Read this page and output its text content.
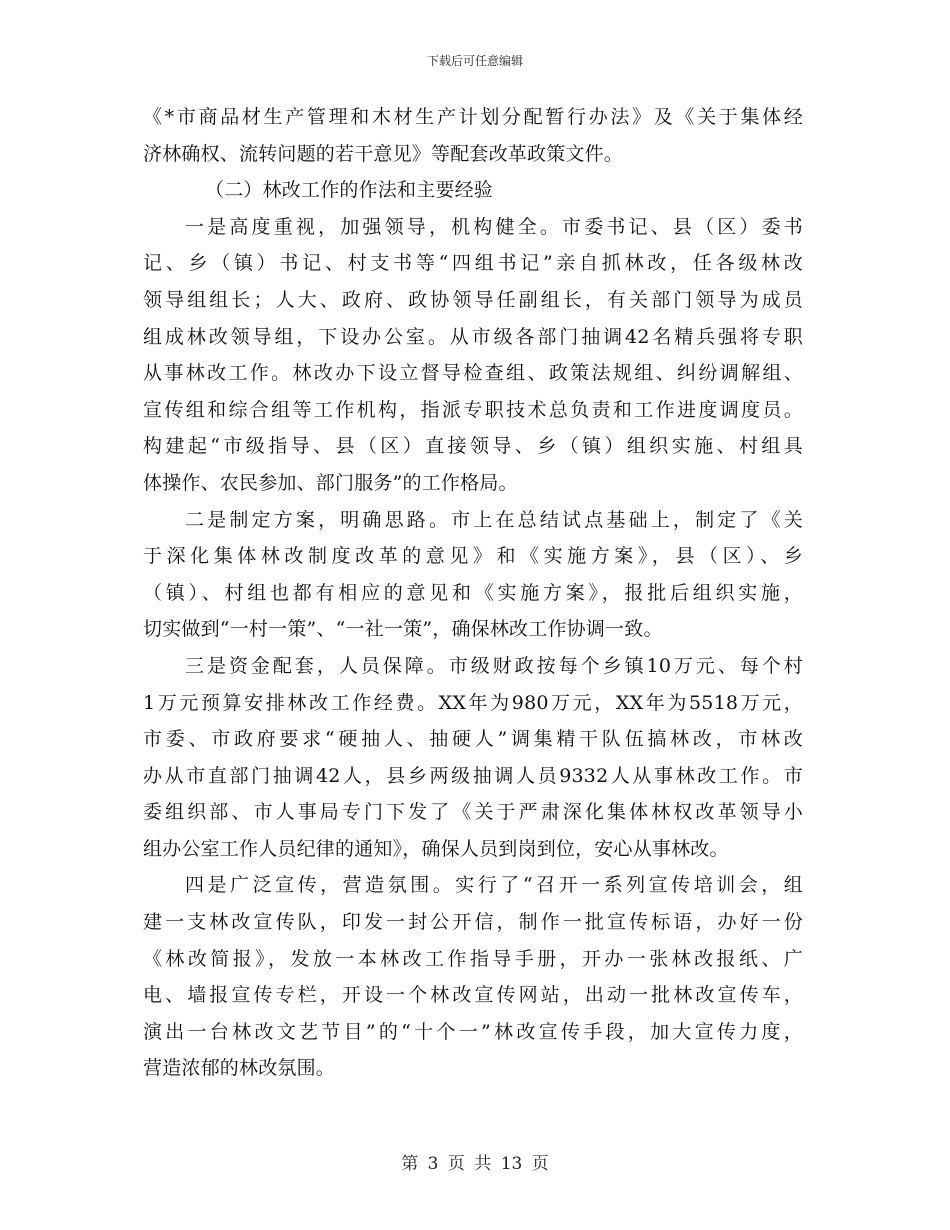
下载后可任意编辑
《*市商品材生产管理和木材生产计划分配暂行办法》及《关于集体经
济林确权、流转问题的若干意见》等配套改革政策文件。
（二）林改工作的作法和主要经验
一是高度重视，加强领导，机构健全。市委书记、县（区）委书
记、乡（镇）书记、村支书等“四组书记”亲自抓林改，任各级林改
领导组组长；人大、政府、政协领导任副组长，有关部门领导为成员
组成林改领导组，下设办公室。从市级各部门抽调42名精兵强将专职
从事林改工作。林改办下设立督导检查组、政策法规组、纠纷调解组、
宣传组和综合组等工作机构，指派专职技术总负责和工作进度调度员。
构建起“市级指导、县（区）直接领导、乡（镇）组织实施、村组具
体操作、农民参加、部门服务”的工作格局。
二是制定方案，明确思路。市上在总结试点基础上，制定了《关
于深化集体林改制度改革的意见》和《实施方案》，县（区）、乡
（镇）、村组也都有相应的意见和《实施方案》，报批后组织实施，
切实做到“一村一策”、“一社一策”，确保林改工作协调一致。
三是资金配套，人员保障。市级财政按每个乡镇10万元、每个村
1万元预算安排林改工作经费。XX年为980万元，XX年为5518万元，
市委、市政府要求“硬抽人、抽硬人”调集精干队伍搞林改，市林改
办从市直部门抽调42人，县乡两级抽调人员9332人从事林改工作。市
委组织部、市人事局专门下发了《关于严肃深化集体林权改革领导小
组办公室工作人员纪律的通知》，确保人员到岗到位，安心从事林改。
四是广泛宣传，营造氛围。实行了“召开一系列宣传培训会，组
建一支林改宣传队，印发一封公开信，制作一批宣传标语，办好一份
《林改简报》，发放一本林改工作指导手册，开办一张林改报纸、广
电、墙报宣传专栏，开设一个林改宣传网站，出动一批林改宣传车，
演出一台林改文艺节目”的“十个一”林改宣传手段，加大宣传力度，
营造浓郁的林改氛围。
第 3 页 共 13 页
